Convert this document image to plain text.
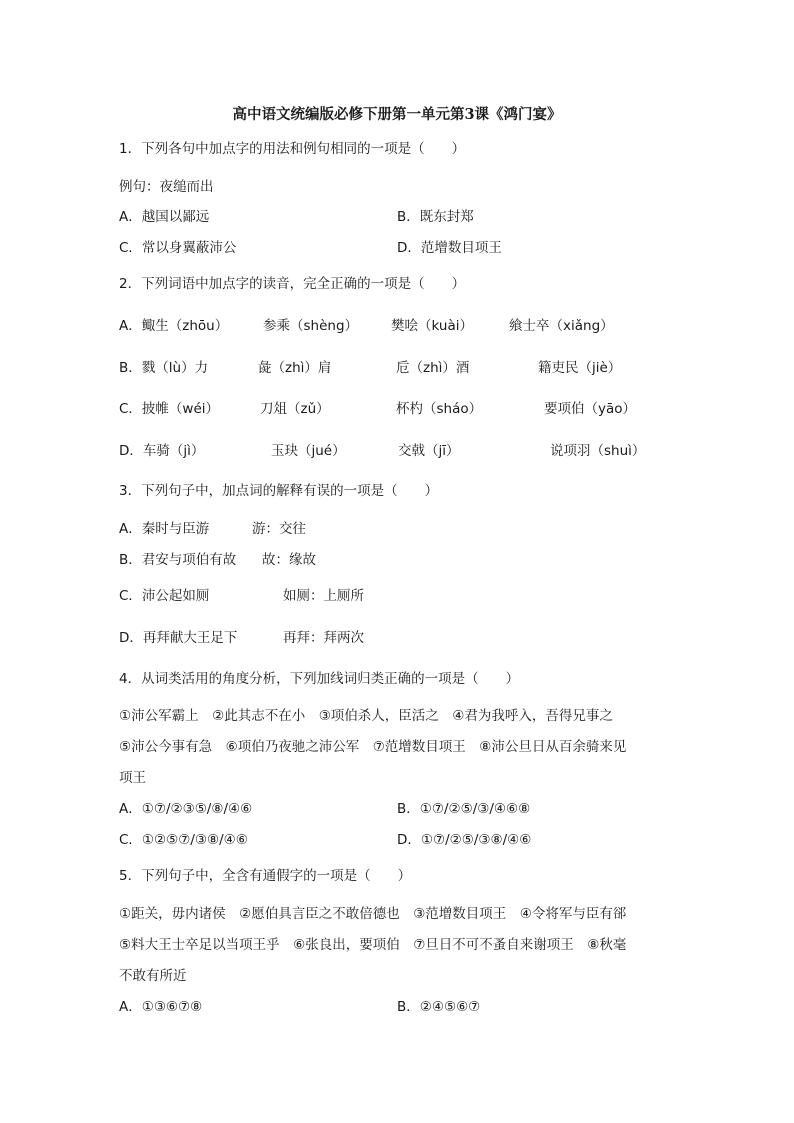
高中语文统编版必修下册第一单元第3课《鸿门宴》
1．下列各句中加点字的用法和例句相同的一项是（　　）
例句：夜缒而出
A．越国以鄙远	B．既东封郑
C．常以身翼蔽沛公	D．范增数目项王
2．下列词语中加点字的读音，完全正确的一项是（　　）
A．鲰生（zhōu）	参乘（shèng） 樊哙（kuài）	飨士卒（xiǎng）
B．戮（lù）力	彘（zhì）肩	卮（zhì）酒	籍吏民（jiè）
C．披帷（wéi）	刀俎（zǔ）	杯杓（sháo）	要项伯（yāo）
D．车骑（jì）	玉玦（jué）	交戟（jī）	说项羽（shuì）
3．下列句子中，加点词的解释有误的一项是（　　）
A．秦时与臣游	游：交往
B．君安与项伯有故 故：缘故
C．沛公起如厕	如厕：上厕所
D．再拜献大王足下	再拜：拜两次
4．从词类活用的角度分析，下列加线词归类正确的一项是（　　）
①沛公军霸上　②此其志不在小　③项伯杀人，臣活之　④君为我呼入，吾得兄事之
⑤沛公今事有急　⑥项伯乃夜驰之沛公军　⑦范增数目项王　⑧沛公旦日从百余骑来见
项王
A．①⑦/②③⑤/⑧/④⑥	B．①⑦/②⑤/③/④⑥⑧
C．①②⑤⑦/③⑧/④⑥	D．①⑦/②⑤/③⑧/④⑥
5．下列句子中，全含有通假字的一项是（　　）
①距关，毋内诸侯　②愿伯具言臣之不敢倍德也　③范增数目项王　④令将军与臣有郤
⑤料大王士卒足以当项王乎　⑥张良出，要项伯　⑦旦日不可不蚤自来谢项王　⑧秋毫
不敢有所近
A．①③⑥⑦⑧	B．②④⑤⑥⑦
